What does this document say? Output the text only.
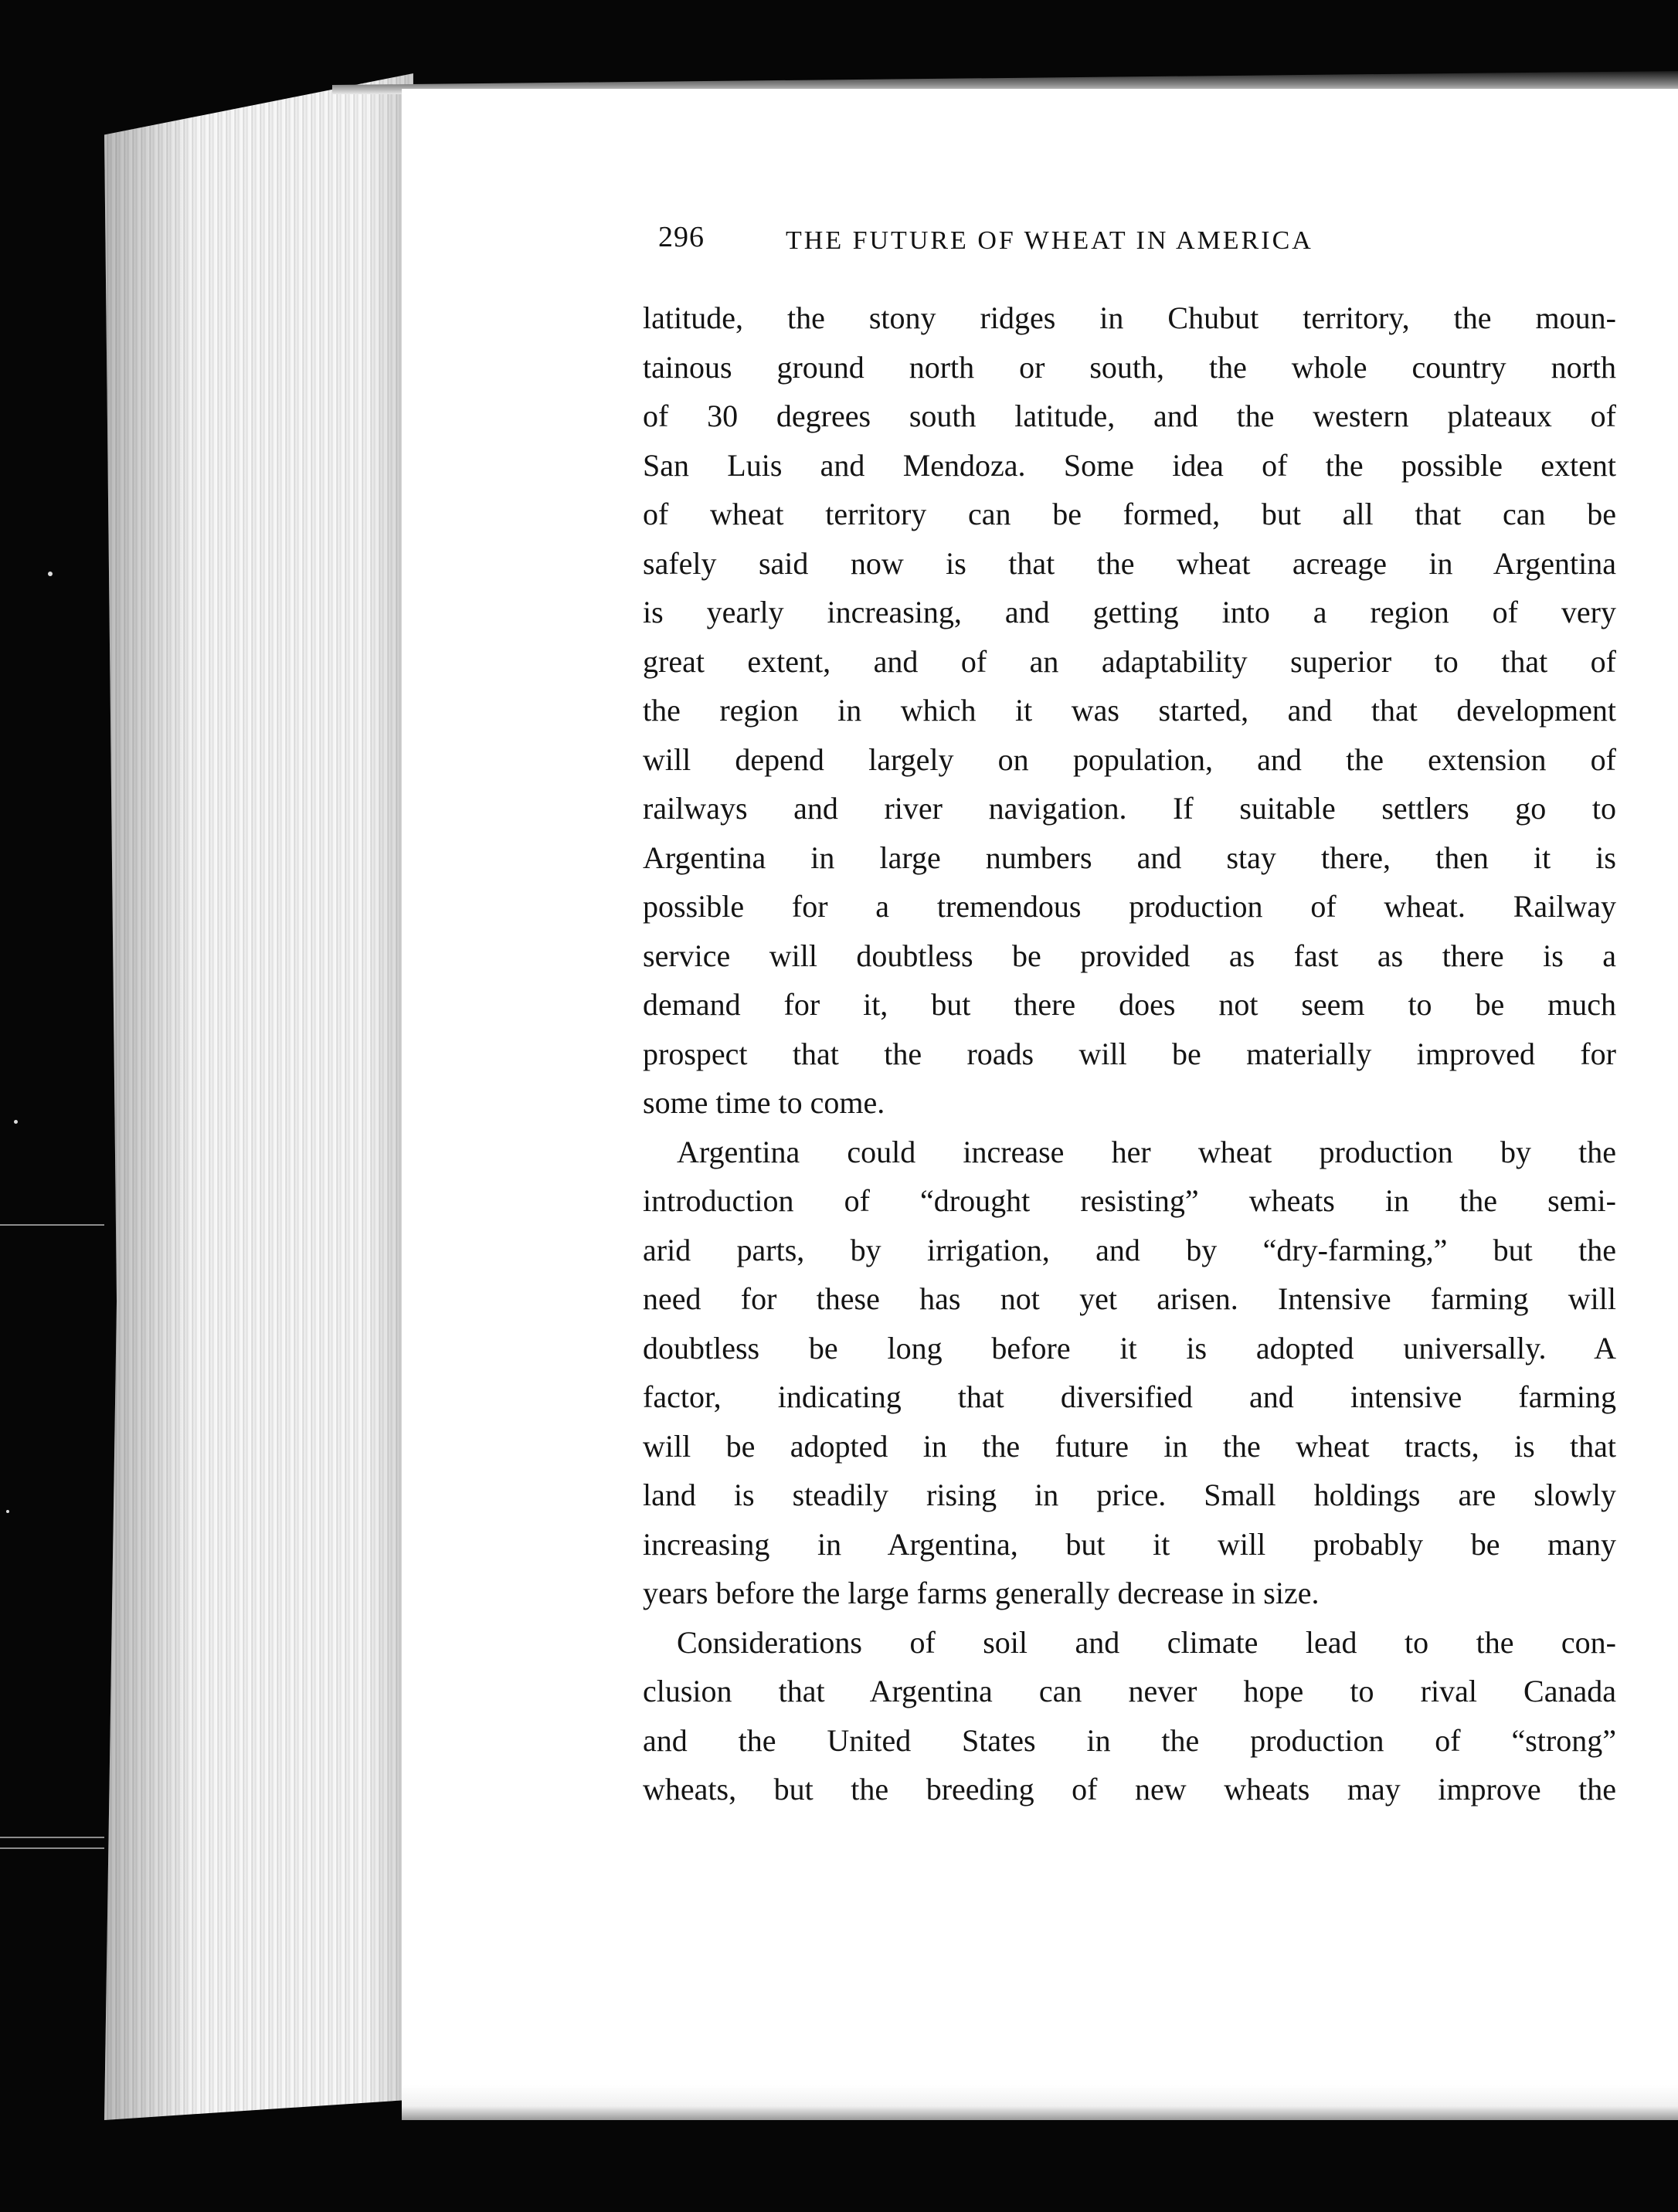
296	THE FUTURE OF WHEAT IN AMERICA
latitude, the stony ridges in Chubut territory, the moun-
tainous ground north or south, the whole country north
of 30 degrees south latitude, and the western plateaux of
San Luis and Mendoza. Some idea of the possible extent
of wheat territory can be formed, but all that can be
safely said now is that the wheat acreage in Argentina
is yearly increasing, and getting into a region of very
great extent, and of an adaptability superior to that of
the region in which it was started, and that development
will depend largely on population, and the extension of
railways and river navigation. If suitable settlers go to
Argentina in large numbers and stay there, then it is
possible for a tremendous production of wheat. Railway
service will doubtless be provided as fast as there is a
demand for it, but there does not seem to be much
prospect that the roads will be materially improved for
some time to come.
Argentina could increase her wheat production by the
introduction of “drought resisting” wheats in the semi-
arid parts, by irrigation, and by “dry-farming,” but the
need for these has not yet arisen. Intensive farming will
doubtless be long before it is adopted universally. A
factor, indicating that diversified and intensive farming
will be adopted in the future in the wheat tracts, is that
land is steadily rising in price. Small holdings are slowly
increasing in Argentina, but it will probably be many
years before the large farms generally decrease in size.
Considerations of soil and climate lead to the con-
clusion that Argentina can never hope to rival Canada
and the United States in the production of “strong”
wheats, but the breeding of new wheats may improve the
